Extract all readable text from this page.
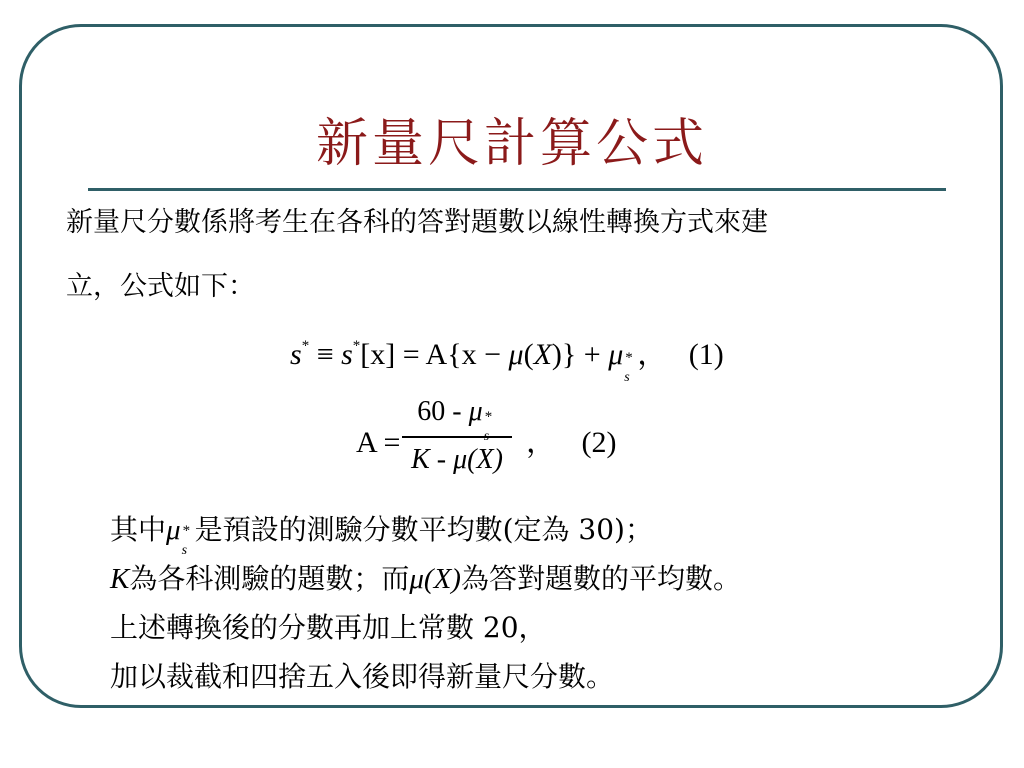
新量尺計算公式
新量尺分數係將考生在各科的答對題數以線性轉換方式來建
立，公式如下：
s* ≡ s*[x] = A{x − μ(X)} + μ *
s
， (1)
A =
60 - μ *
s
K - μ(X)
， (2)
其中μ *
s
是預設的測驗分數平均數(定為 30)；
K為各科測驗的題數；而μ(X)為答對題數的平均數。
上述轉換後的分數再加上常數 20，
加以裁截和四捨五入後即得新量尺分數。
